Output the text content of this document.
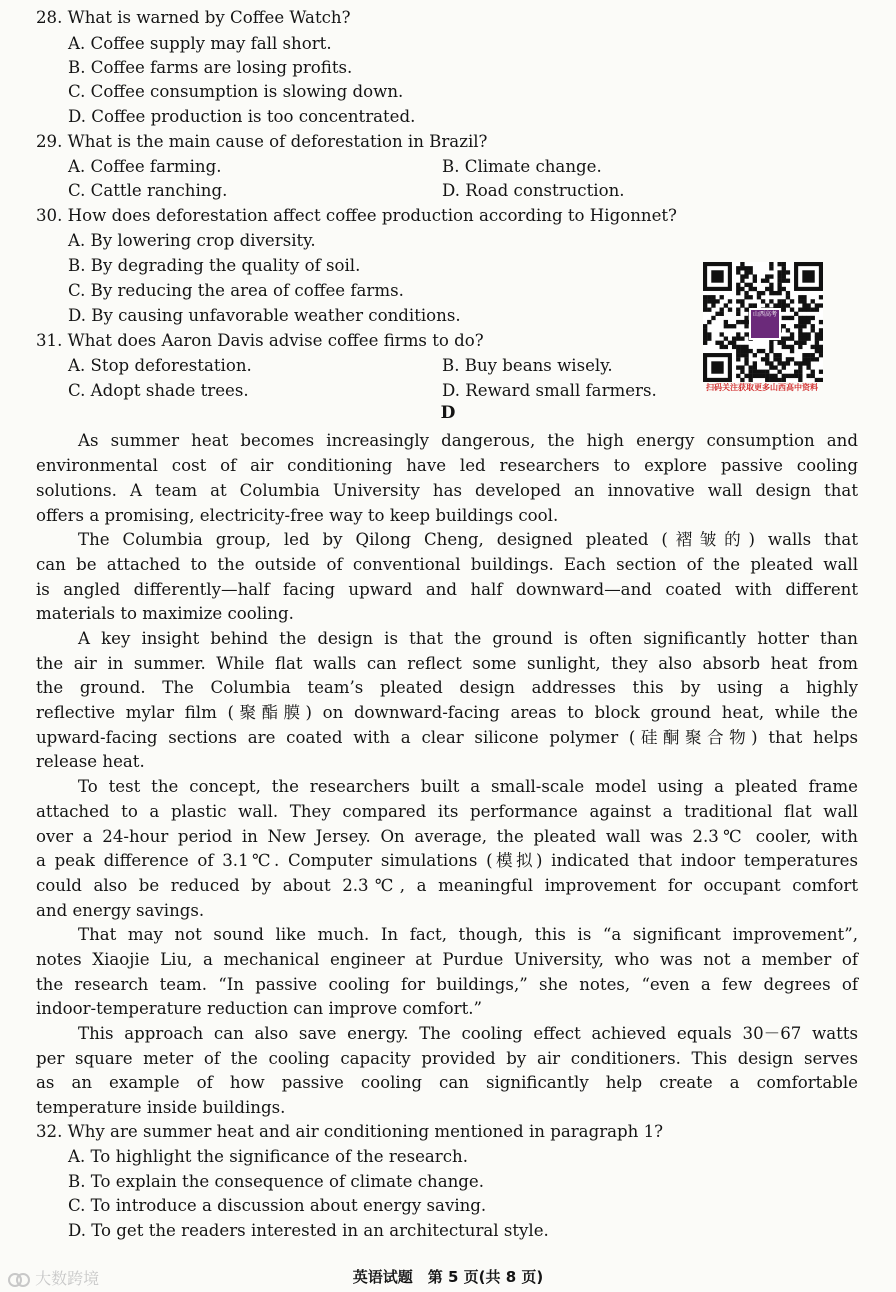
28. What is warned by Coffee Watch?
A. Coffee supply may fall short.
B. Coffee farms are losing profits.
C. Coffee consumption is slowing down.
D. Coffee production is too concentrated.
29. What is the main cause of deforestation in Brazil?
A. Coffee farming.	B. Climate change.
C. Cattle ranching.	D. Road construction.
30. How does deforestation affect coffee production according to Higonnet?
A. By lowering crop diversity.
B. By degrading the quality of soil.
C. By reducing the area of coffee farms.
D. By causing unfavorable weather conditions.
31. What does Aaron Davis advise coffee firms to do?
A. Stop deforestation.	B. Buy beans wisely.
C. Adopt shade trees.	D. Reward small farmers.
山西高考
扫码关注获取更多山西高中资料
D
As summer heat becomes increasingly dangerous, the high energy consumption and
environmental cost of air conditioning have led researchers to explore passive cooling
solutions. A team at Columbia University has developed an innovative wall design that
offers a promising, electricity-free way to keep buildings cool.
The Columbia group, led by Qilong Cheng, designed pleated (褶皱的) walls that
can be attached to the outside of conventional buildings. Each section of the pleated wall
is angled differently—half facing upward and half downward—and coated with different
materials to maximize cooling.
A key insight behind the design is that the ground is often significantly hotter than
the air in summer. While flat walls can reflect some sunlight, they also absorb heat from
the ground. The Columbia team’s pleated design addresses this by using a highly
reflective mylar film (聚酯膜) on downward-facing areas to block ground heat, while the
upward-facing sections are coated with a clear silicone polymer (硅酮聚合物) that helps
release heat.
To test the concept, the researchers built a small-scale model using a pleated frame
attached to a plastic wall. They compared its performance against a traditional flat wall
over a 24-hour period in New Jersey. On average, the pleated wall was 2.3℃ cooler, with
a peak difference of 3.1℃. Computer simulations (模拟) indicated that indoor temperatures
could also be reduced by about 2.3℃, a meaningful improvement for occupant comfort
and energy savings.
That may not sound like much. In fact, though, this is “a significant improvement”,
notes Xiaojie Liu, a mechanical engineer at Purdue University, who was not a member of
the research team. “In passive cooling for buildings,” she notes, “even a few degrees of
indoor-temperature reduction can improve comfort.”
This approach can also save energy. The cooling effect achieved equals 30－67 watts
per square meter of the cooling capacity provided by air conditioners. This design serves
as an example of how passive cooling can significantly help create a comfortable
temperature inside buildings.
32. Why are summer heat and air conditioning mentioned in paragraph 1?
A. To highlight the significance of the research.
B. To explain the consequence of climate change.
C. To introduce a discussion about energy saving.
D. To get the readers interested in an architectural style.
大数跨境	英语试题　第 5 页(共 8 页)
